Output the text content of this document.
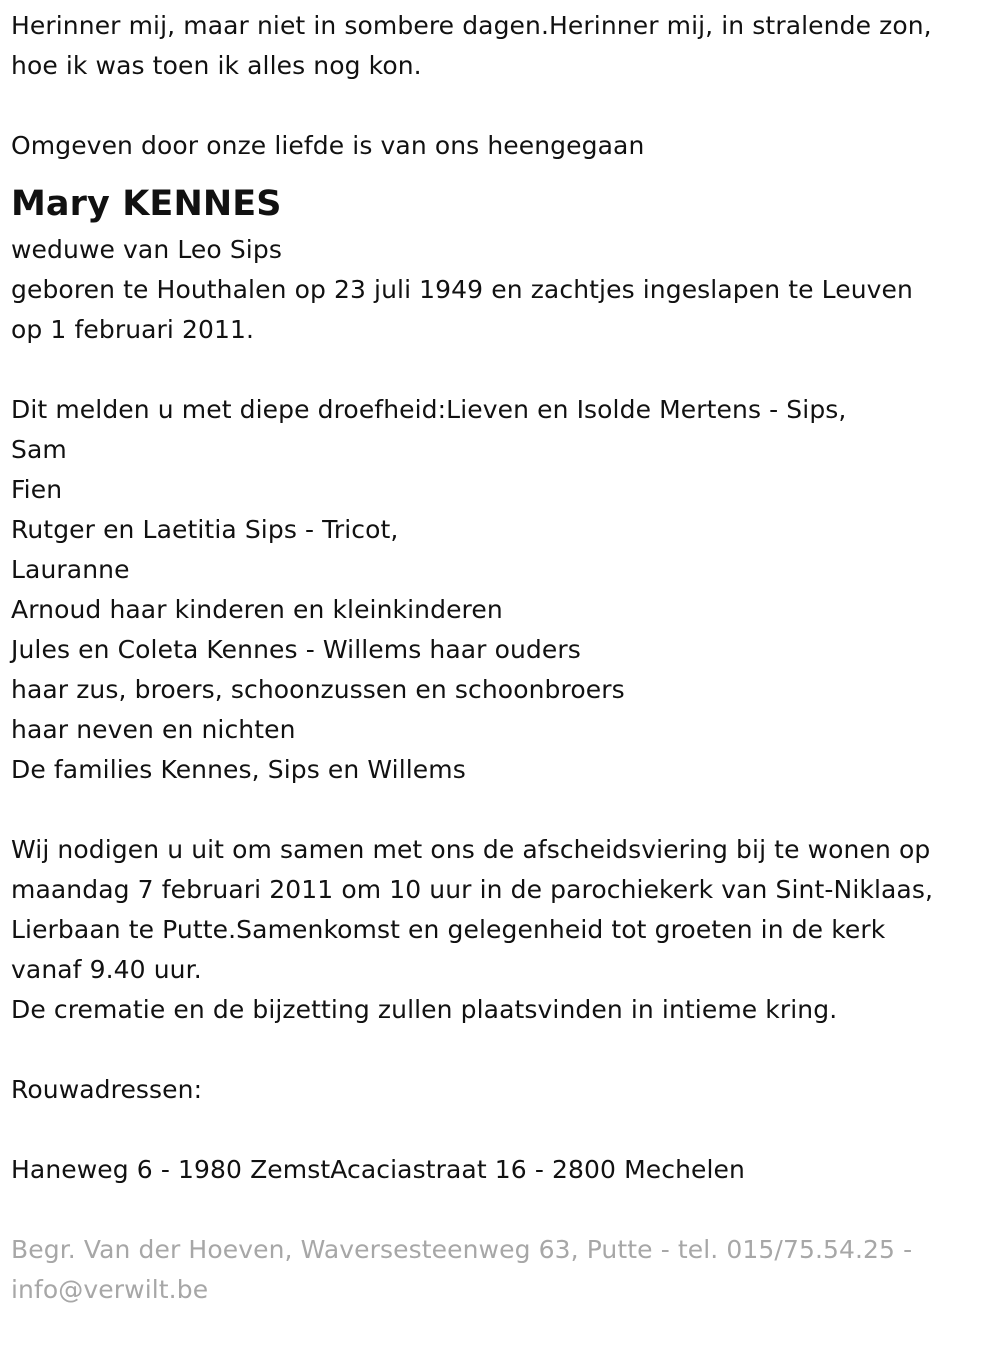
Herinner mij, maar niet in sombere dagen.Herinner mij, in stralende zon,

hoe ik was toen ik alles nog kon.

Omgeven door onze liefde is van ons heengegaan

Mary KENNES

weduwe van Leo Sips

geboren te Houthalen op 23 juli 1949 en zachtjes ingeslapen te Leuven

op 1 februari 2011.

Dit melden u met diepe droefheid:Lieven en Isolde Mertens - Sips,

Sam

Fien

Rutger en Laetitia Sips - Tricot,

Lauranne

Arnoud haar kinderen en kleinkinderen

Jules en Coleta Kennes - Willems haar ouders

haar zus, broers, schoonzussen en schoonbroers

haar neven en nichten

De families Kennes, Sips en Willems

Wij nodigen u uit om samen met ons de afscheidsviering bij te wonen op

maandag 7 februari 2011 om 10 uur in de parochiekerk van Sint-Niklaas,

Lierbaan te Putte.Samenkomst en gelegenheid tot groeten in de kerk

vanaf 9.40 uur.

De crematie en de bijzetting zullen plaatsvinden in intieme kring.

Rouwadressen:

Haneweg 6 - 1980 ZemstAcaciastraat 16 - 2800 Mechelen

Begr. Van der Hoeven, Waversesteenweg 63, Putte - tel. 015/75.54.25 -

info@verwilt.be
